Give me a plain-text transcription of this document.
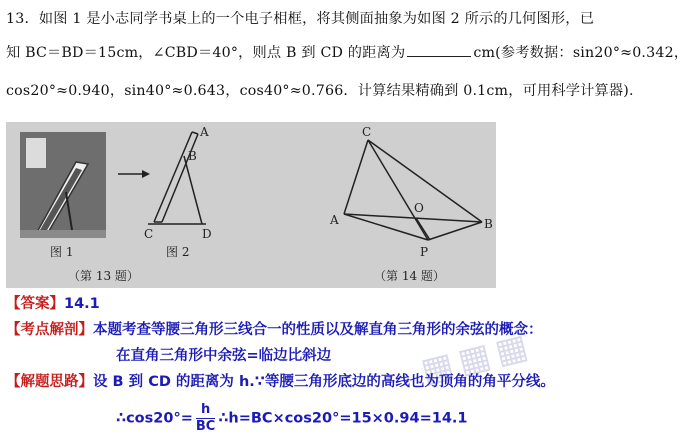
13．如图 1 是小志同学书桌上的一个电子相框，将其侧面抽象为如图 2 所示的几何图形，已
知 BC＝BD＝15cm，∠CBD＝40°，则点 B 到 CD 的距离为	cm(参考数据：sin20°≈0.342，
cos20°≈0.940，sin40°≈0.643，cos40°≈0.766．计算结果精确到 0.1cm，可用科学计算器).
图 1
A
B
C	D
图 2
（第 13 题）
C
O
A	B
P
（第 14 题）
▦▦▦
【答案】14.1
【考点解剖】本题考查等腰三角形三线合一的性质以及解直角三角形的余弦的概念：
在直角三角形中余弦=临边比斜边
【解题思路】设 B 到 CD 的距离为 h.∵等腰三角形底边的高线也为顶角的角平分线。
∴cos20°= $\frac{h}{BC}$ ∴h=BC×cos20°=15×0.94=14.1
